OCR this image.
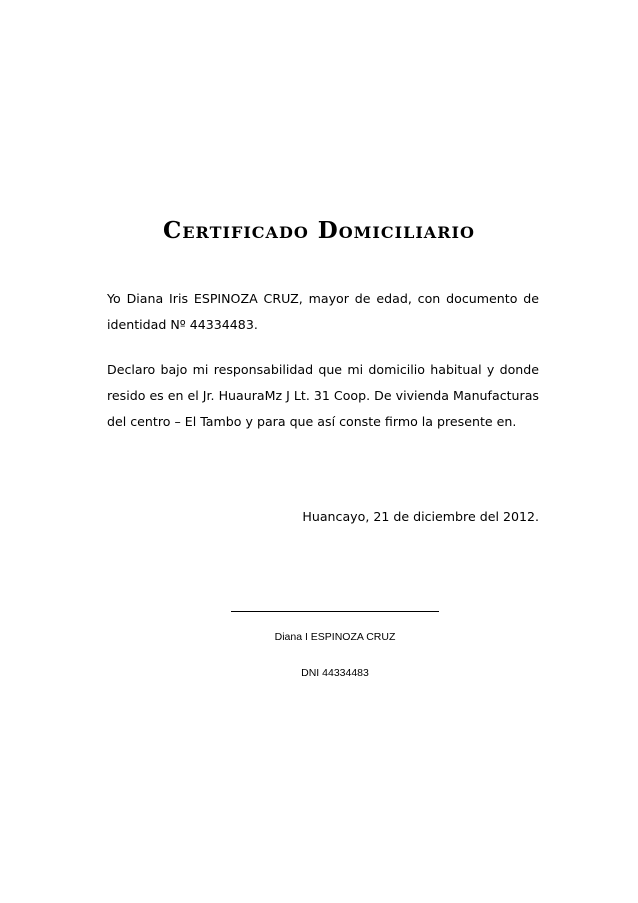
Certificado Domiciliario

Yo Diana Iris ESPINOZA CRUZ, mayor de edad, con documento de identidad Nº 44334483.

Declaro bajo mi responsabilidad que mi domicilio habitual y donde resido es en el Jr. HuauraMz J Lt. 31 Coop. De vivienda Manufacturas del centro – El Tambo y para que así conste firmo la presente en.

Huancayo, 21 de diciembre del 2012.
Diana I ESPINOZA CRUZ
DNI 44334483
